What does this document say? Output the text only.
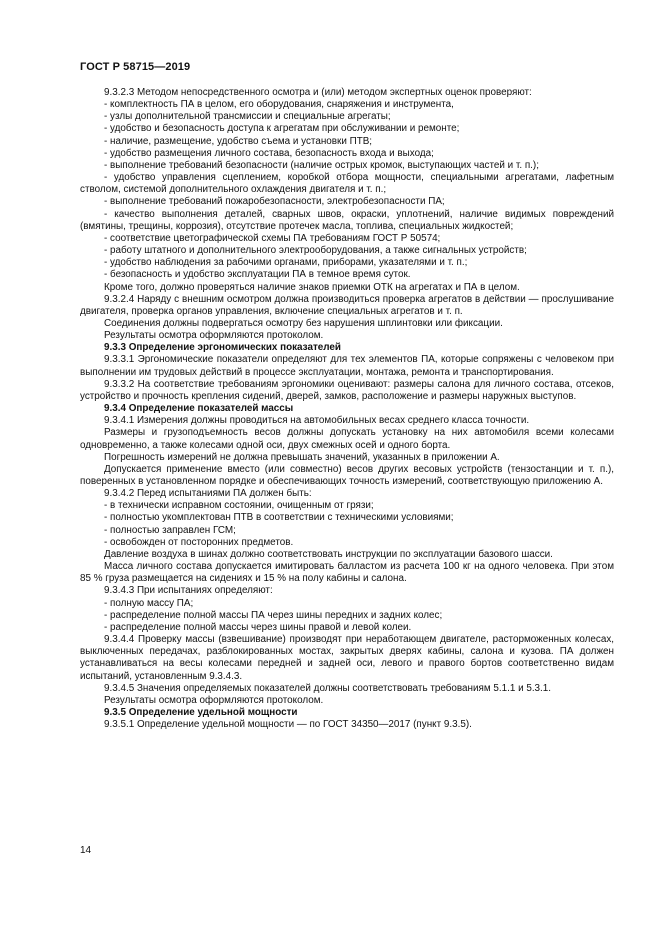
ГОСТ Р 58715—2019

9.3.2.3 Методом непосредственного осмотра и (или) методом экспертных оценок проверяют:

- комплектность ПА в целом, его оборудования, снаряжения и инструмента,

- узлы дополнительной трансмиссии и специальные агрегаты;

- удобство и безопасность доступа к агрегатам при обслуживании и ремонте;

- наличие, размещение, удобство съема и установки ПТВ;

- удобство размещения личного состава, безопасность входа и выхода;

- выполнение требований безопасности (наличие острых кромок, выступающих частей и т. п.);

- удобство управления сцеплением, коробкой отбора мощности, специальными агрегатами, лафетным стволом, системой дополнительного охлаждения двигателя и т. п.;

- выполнение требований пожаробезопасности, электробезопасности ПА;

- качество выполнения деталей, сварных швов, окраски, уплотнений, наличие видимых повреждений (вмятины, трещины, коррозия), отсутствие протечек масла, топлива, специальных жидкостей;

- соответствие цветографической схемы ПА требованиям ГОСТ Р 50574;

- работу штатного и дополнительного электрооборудования, а также сигнальных устройств;

- удобство наблюдения за рабочими органами, приборами, указателями и т. п.;

- безопасность и удобство эксплуатации ПА в темное время суток.

Кроме того, должно проверяться наличие знаков приемки ОТК на агрегатах и ПА в целом.

9.3.2.4 Наряду с внешним осмотром должна производиться проверка агрегатов в действии — прослушивание двигателя, проверка органов управления, включение специальных агрегатов и т. п.

Соединения должны подвергаться осмотру без нарушения шплинтовки или фиксации.

Результаты осмотра оформляются протоколом.

9.3.3 Определение эргономических показателей

9.3.3.1 Эргономические показатели определяют для тех элементов ПА, которые сопряжены с человеком при выполнении им трудовых действий в процессе эксплуатации, монтажа, ремонта и транспортирования.

9.3.3.2 На соответствие требованиям эргономики оценивают: размеры салона для личного состава, отсеков, устройство и прочность крепления сидений, дверей, замков, расположение и размеры наружных выступов.

9.3.4 Определение показателей массы

9.3.4.1 Измерения должны проводиться на автомобильных весах среднего класса точности.

Размеры и грузоподъемность весов должны допускать установку на них автомобиля всеми колесами одновременно, а также колесами одной оси, двух смежных осей и одного борта.

Погрешность измерений не должна превышать значений, указанных в приложении А.

Допускается применение вместо (или совместно) весов других весовых устройств (тензостанции и т. п.), поверенных в установленном порядке и обеспечивающих точность измерений, соответствующую приложению А.

9.3.4.2 Перед испытаниями ПА должен быть:

- в технически исправном состоянии, очищенным от грязи;

- полностью укомплектован ПТВ в соответствии с техническими условиями;

- полностью заправлен ГСМ;

- освобожден от посторонних предметов.

Давление воздуха в шинах должно соответствовать инструкции по эксплуатации базового шасси.

Масса личного состава допускается имитировать балластом из расчета 100 кг на одного человека. При этом 85 % груза размещается на сидениях и 15 % на полу кабины и салона.

9.3.4.3 При испытаниях определяют:

- полную массу ПА;

- распределение полной массы ПА через шины передних и задних колес;

- распределение полной массы через шины правой и левой колеи.

9.3.4.4 Проверку массы (взвешивание) производят при неработающем двигателе, расторможенных колесах, выключенных передачах, разблокированных мостах, закрытых дверях кабины, салона и кузова. ПА должен устанавливаться на весы колесами передней и задней оси, левого и правого бортов соответственно видам испытаний, установленным 9.3.4.3.

9.3.4.5 Значения определяемых показателей должны соответствовать требованиям 5.1.1 и 5.3.1.

Результаты осмотра оформляются протоколом.

9.3.5 Определение удельной мощности

9.3.5.1 Определение удельной мощности — по ГОСТ 34350—2017 (пункт 9.3.5).

14
